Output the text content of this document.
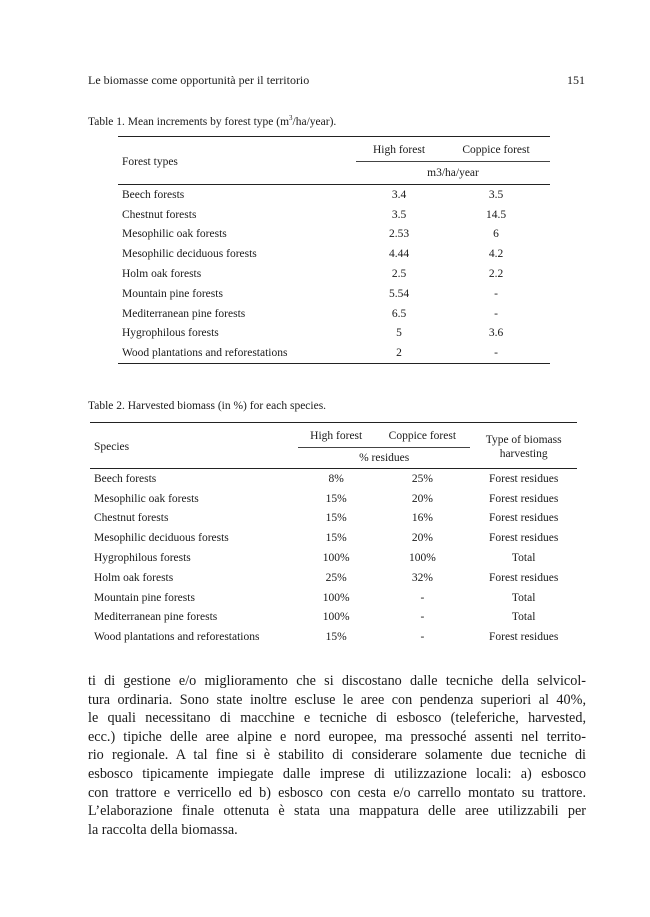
Le biomasse come opportunità per il territorio	151
Table 1. Mean increments by forest type $(m^3/ha/year)$.
Forest types	High forest	Coppice forest
	m3/ha/year	
Beech forests	3.4	3.5
Chestnut forests	3.5	14.5
Mesophilic oak forests	2.53	6
Mesophilic deciduous forests	4.44	4.2
Holm oak forests	2.5	2.2
Mountain pine forests	5.54	-
Mediterranean pine forests	6.5	-
Hygrophilous forests	5	3.6
Wood plantations and reforestations	2	-
Table 2. Harvested biomass (in %) for each species.
Species	High forest	Coppice forest	Type of biomass
harvesting
	% residues		
Beech forests	8%	25%	Forest residues
Mesophilic oak forests	15%	20%	Forest residues
Chestnut forests	15%	16%	Forest residues
Mesophilic deciduous forests	15%	20%	Forest residues
Hygrophilous forests	100%	100%	Total
Holm oak forests	25%	32%	Forest residues
Mountain pine forests	100%	-	Total
Mediterranean pine forests	100%	-	Total
Wood plantations and reforestations	15%	-	Forest residues
ti di gestione e/o miglioramento che si discostano dalle tecniche della selvicol-
tura ordinaria. Sono state inoltre escluse le aree con pendenza superiori al 40%,
le quali necessitano di macchine e tecniche di esbosco (teleferiche, harvested,
ecc.) tipiche delle aree alpine e nord europee, ma pressoché assenti nel territo-
rio regionale. A tal fine si è stabilito di considerare solamente due tecniche di
esbosco tipicamente impiegate dalle imprese di utilizzazione locali: a) esbosco
con trattore e verricello ed b) esbosco con cesta e/o carrello montato su trattore.
L’elaborazione finale ottenuta è stata una mappatura delle aree utilizzabili per
la raccolta della biomassa.
